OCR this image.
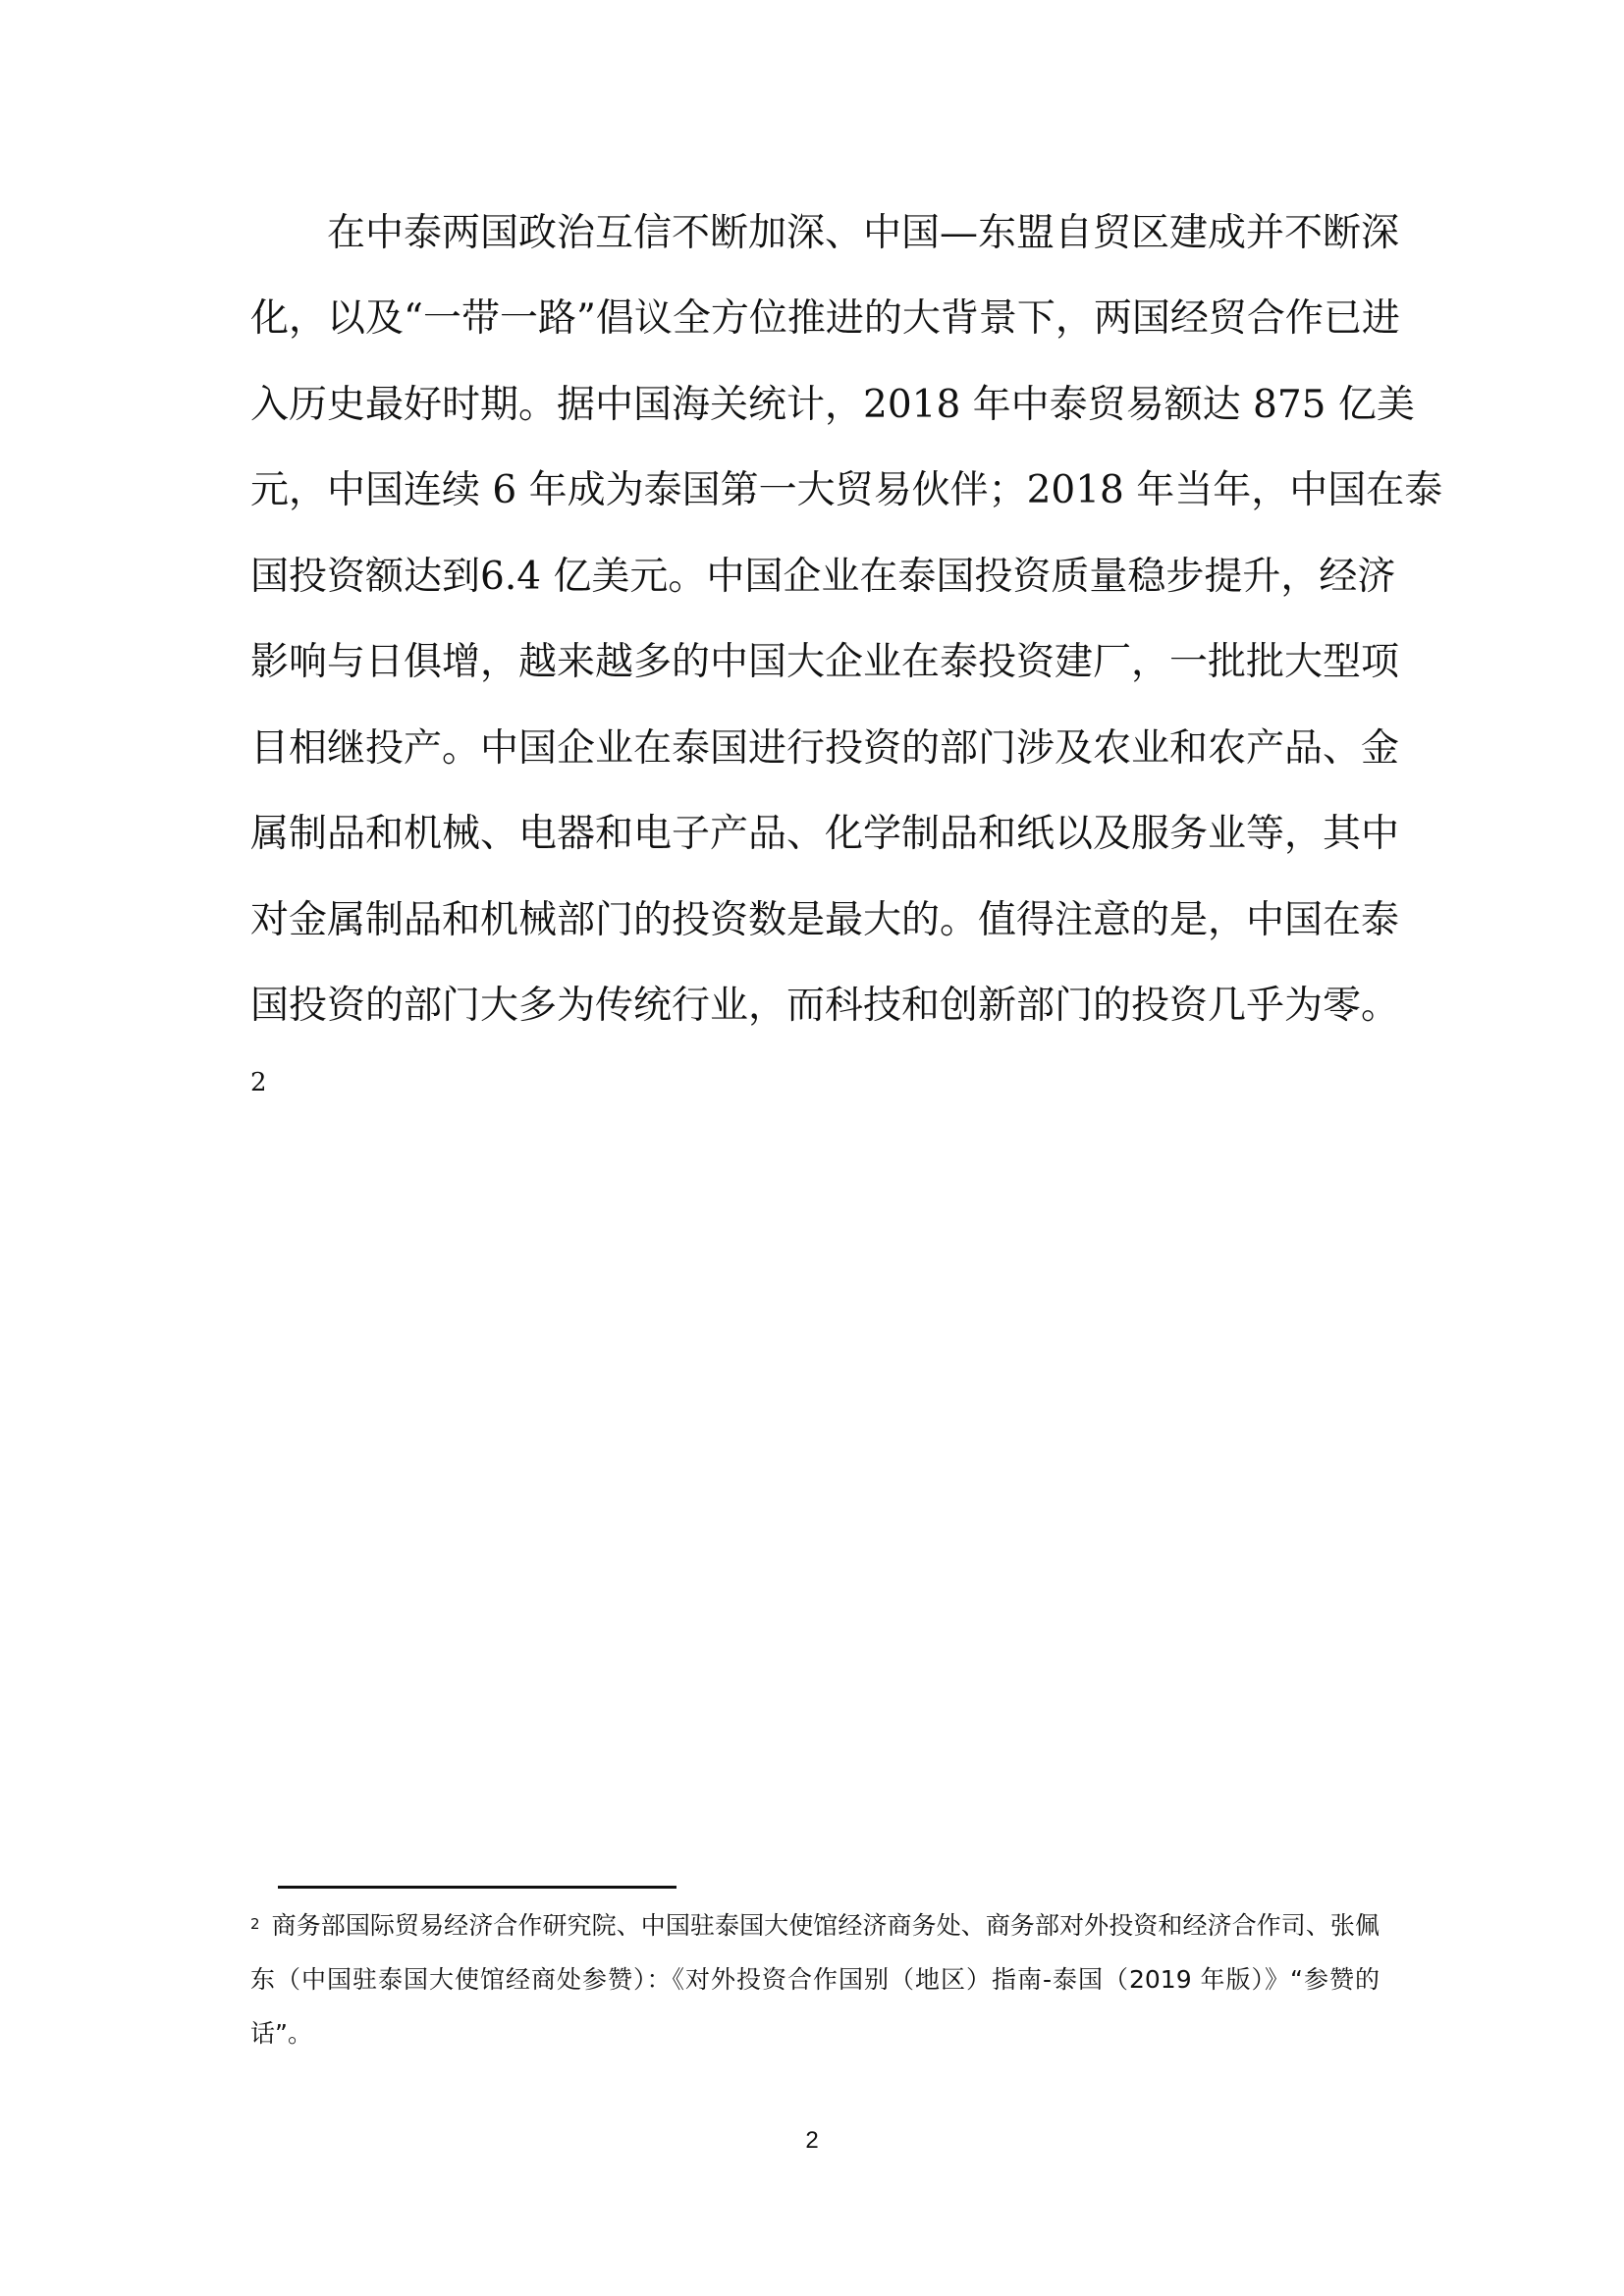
　　在中泰两国政治互信不断加深、中国—东盟自贸区建成并不断深
化，以及“一带一路”倡议全方位推进的大背景下，两国经贸合作已进
入历史最好时期。据中国海关统计，2018 年中泰贸易额达 875 亿美
元，中国连续 6 年成为泰国第一大贸易伙伴；2018 年当年，中国在泰
国投资额达到6.4 亿美元。中国企业在泰国投资质量稳步提升，经济
影响与日俱增，越来越多的中国大企业在泰投资建厂，一批批大型项
目相继投产。中国企业在泰国进行投资的部门涉及农业和农产品、金
属制品和机械、电器和电子产品、化学制品和纸以及服务业等，其中
对金属制品和机械部门的投资数是最大的。值得注意的是，中国在泰
国投资的部门大多为传统行业，而科技和创新部门的投资几乎为零。
2
$^2$ 商务部国际贸易经济合作研究院、中国驻泰国大使馆经济商务处、商务部对外投资和经济合作司、张佩
东（中国驻泰国大使馆经商处参赞）：《对外投资合作国别（地区）指南-泰国（2019 年版）》“参赞的
话”。
2
